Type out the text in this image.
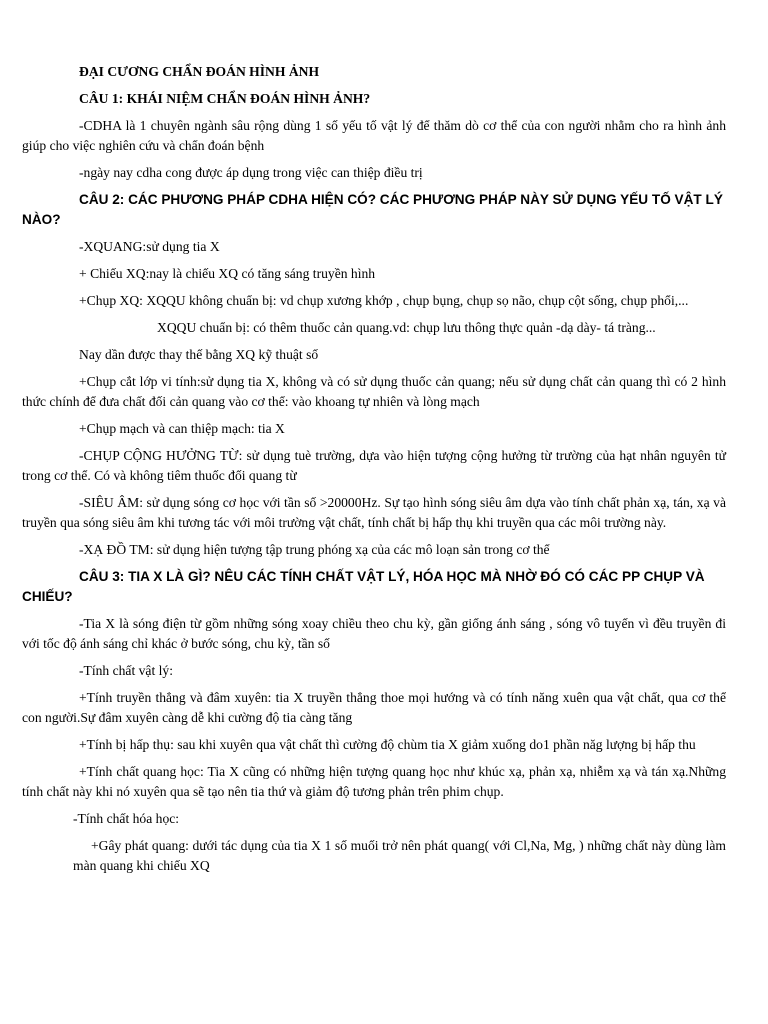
ĐẠI CƯƠNG CHẨN ĐOÁN HÌNH ẢNH
CÂU 1: KHÁI NIỆM CHẨN ĐOÁN HÌNH ẢNH?
-CDHA là 1 chuyên ngành sâu rộng dùng 1 số yếu tố vật lý để thăm dò cơ thể của con người nhằm cho ra hình ảnh giúp cho việc nghiên cứu và chẩn đoán bệnh
-ngày nay cdha cong được áp dụng trong việc can thiệp điều trị
CÂU 2: CÁC PHƯƠNG PHÁP CDHA HIỆN CÓ? CÁC PHƯƠNG PHÁP NÀY SỬ DỤNG YẾU TỐ VẬT LÝ NÀO?
-XQUANG:sử dụng tia X
+ Chiếu XQ:nay là chiếu XQ có tăng sáng truyền hình
+Chụp XQ: XQQU không chuẩn bị: vd chụp xương khớp , chụp bụng, chụp sọ não, chụp cột sống, chụp phổi,...
XQQU chuẩn bị: có thêm thuốc cản quang.vd: chụp lưu thông thực quản -dạ dày- tá tràng...
Nay dần được thay thế bằng XQ kỹ thuật số
+Chụp cắt lớp vi tính:sử dụng tia X, không và có sử dụng thuốc cản quang; nếu sử dụng chất cản quang thì có 2 hình thức chính để đưa chất đối cản quang vào cơ thể: vào khoang tự nhiên và lòng mạch
+Chụp mạch và can thiệp mạch: tia X
-CHỤP CỘNG HƯỞNG TỪ: sử dụng tuè trường, dựa vào hiện tượng cộng hưởng từ trường của hạt nhân nguyên tử trong cơ thể. Có và không tiêm thuốc đối quang từ
-SIÊU ÂM: sử dụng sóng cơ học với tần số >20000Hz. Sự tạo hình sóng siêu âm dựa vào tính chất phản xạ, tán, xạ và truyền qua sóng siêu âm khi tương tác với môi trường vật chất, tính chất bị hấp thụ khi truyền qua các môi trường này.
-XẠ ĐỒ TM: sử dụng hiện tượng tập trung phóng xạ của các mô loạn sản trong cơ thể
CÂU 3: TIA X LÀ GÌ? NÊU CÁC TÍNH CHẤT VẬT LÝ, HÓA HỌC MÀ NHỜ ĐÓ CÓ CÁC PP CHỤP VÀ CHIẾU?
-Tia X là sóng điện từ gồm những sóng xoay chiều theo chu kỳ, gần giống ánh sáng , sóng vô tuyến vì đều truyền đi với tốc độ ánh sáng chỉ khác ở bước sóng, chu kỳ, tần số
-Tính chất vật lý:
+Tính truyền thẳng và đâm xuyên: tia X truyền thẳng thoe mọi hướng và có tính năng xuên qua vật chất, qua cơ thể con người.Sự đâm xuyên càng dễ khi cường độ tia càng tăng
+Tính bị hấp thụ: sau khi xuyên qua vật chất thì cường độ chùm tia X giảm xuống do1 phần năg lượng bị hấp thu
+Tính chất quang học: Tia X cũng có những hiện tượng quang học như khúc xạ, phản xạ, nhiễm xạ và tán xạ.Những tính chất này khi nó xuyên qua sẽ tạo nên tia thứ và giảm độ tương phản trên phim chụp.
-Tính chất hóa học:
+Gây phát quang: dưới tác dụng của tia X 1 số muối trở nên phát quang( với Cl,Na, Mg, ) những chất này dùng làm màn quang khi chiếu XQ
